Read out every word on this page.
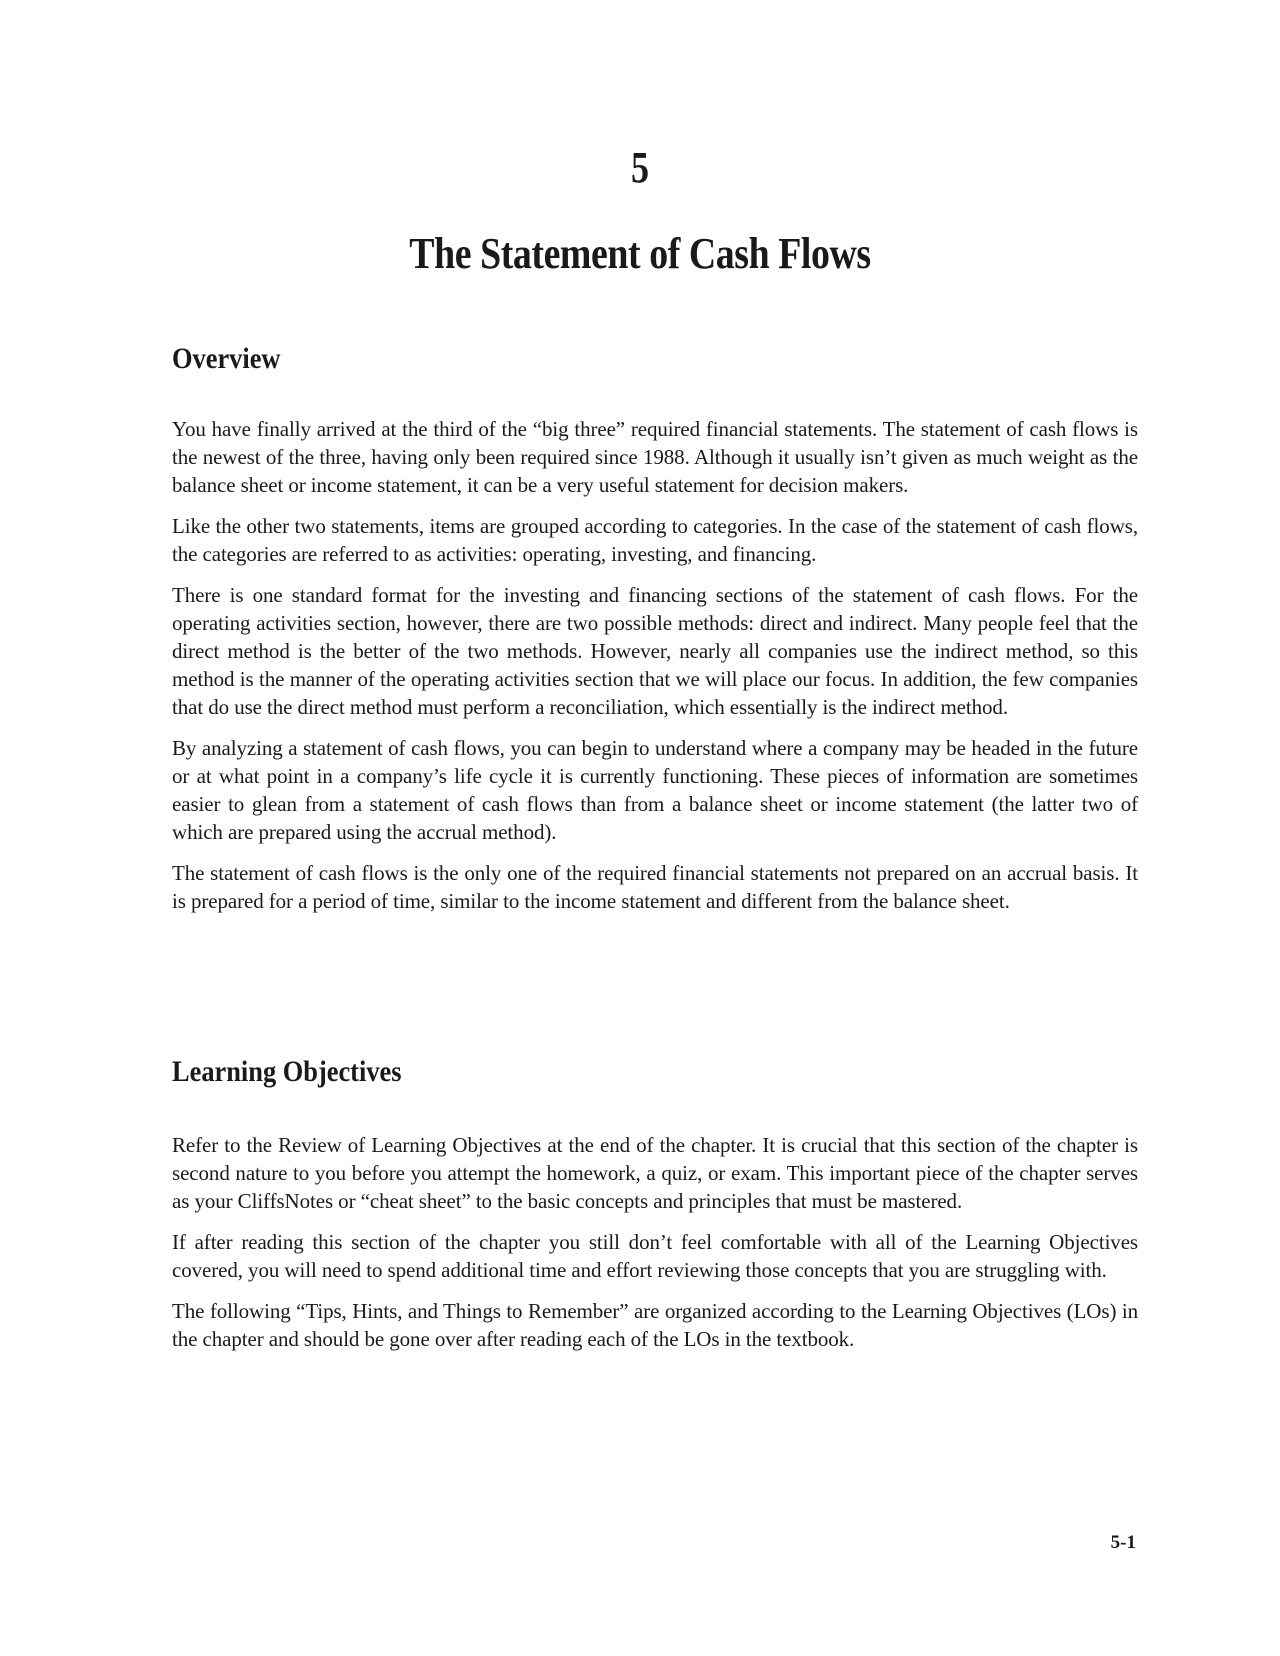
5
The Statement of Cash Flows
Overview

You have finally arrived at the third of the “big three” required financial statements. The statement of cash flows is the newest of the three, having only been required since 1988. Although it usually isn’t given as much weight as the balance sheet or income statement, it can be a very useful statement for decision makers.

Like the other two statements, items are grouped according to categories. In the case of the statement of cash flows, the categories are referred to as activities: operating, investing, and financing.

There is one standard format for the investing and financing sections of the statement of cash flows. For the operating activities section, however, there are two possible methods: direct and indirect. Many people feel that the direct method is the better of the two methods. However, nearly all companies use the indirect method, so this method is the manner of the operating activities section that we will place our focus. In addition, the few companies that do use the direct method must perform a reconciliation, which essentially is the indirect method.

By analyzing a statement of cash flows, you can begin to understand where a company may be headed in the future or at what point in a company’s life cycle it is currently functioning. These pieces of information are sometimes easier to glean from a statement of cash flows than from a balance sheet or income statement (the latter two of which are prepared using the accrual method).

The statement of cash flows is the only one of the required financial statements not prepared on an accrual basis. It is prepared for a period of time, similar to the income statement and different from the balance sheet.

Learning Objectives

Refer to the Review of Learning Objectives at the end of the chapter. It is crucial that this section of the chapter is second nature to you before you attempt the homework, a quiz, or exam. This important piece of the chapter serves as your CliffsNotes or “cheat sheet” to the basic concepts and principles that must be mastered.

If after reading this section of the chapter you still don’t feel comfortable with all of the Learning Objectives covered, you will need to spend additional time and effort reviewing those concepts that you are struggling with.

The following “Tips, Hints, and Things to Remember” are organized according to the Learning Objectives (LOs) in the chapter and should be gone over after reading each of the LOs in the textbook.

5-1
